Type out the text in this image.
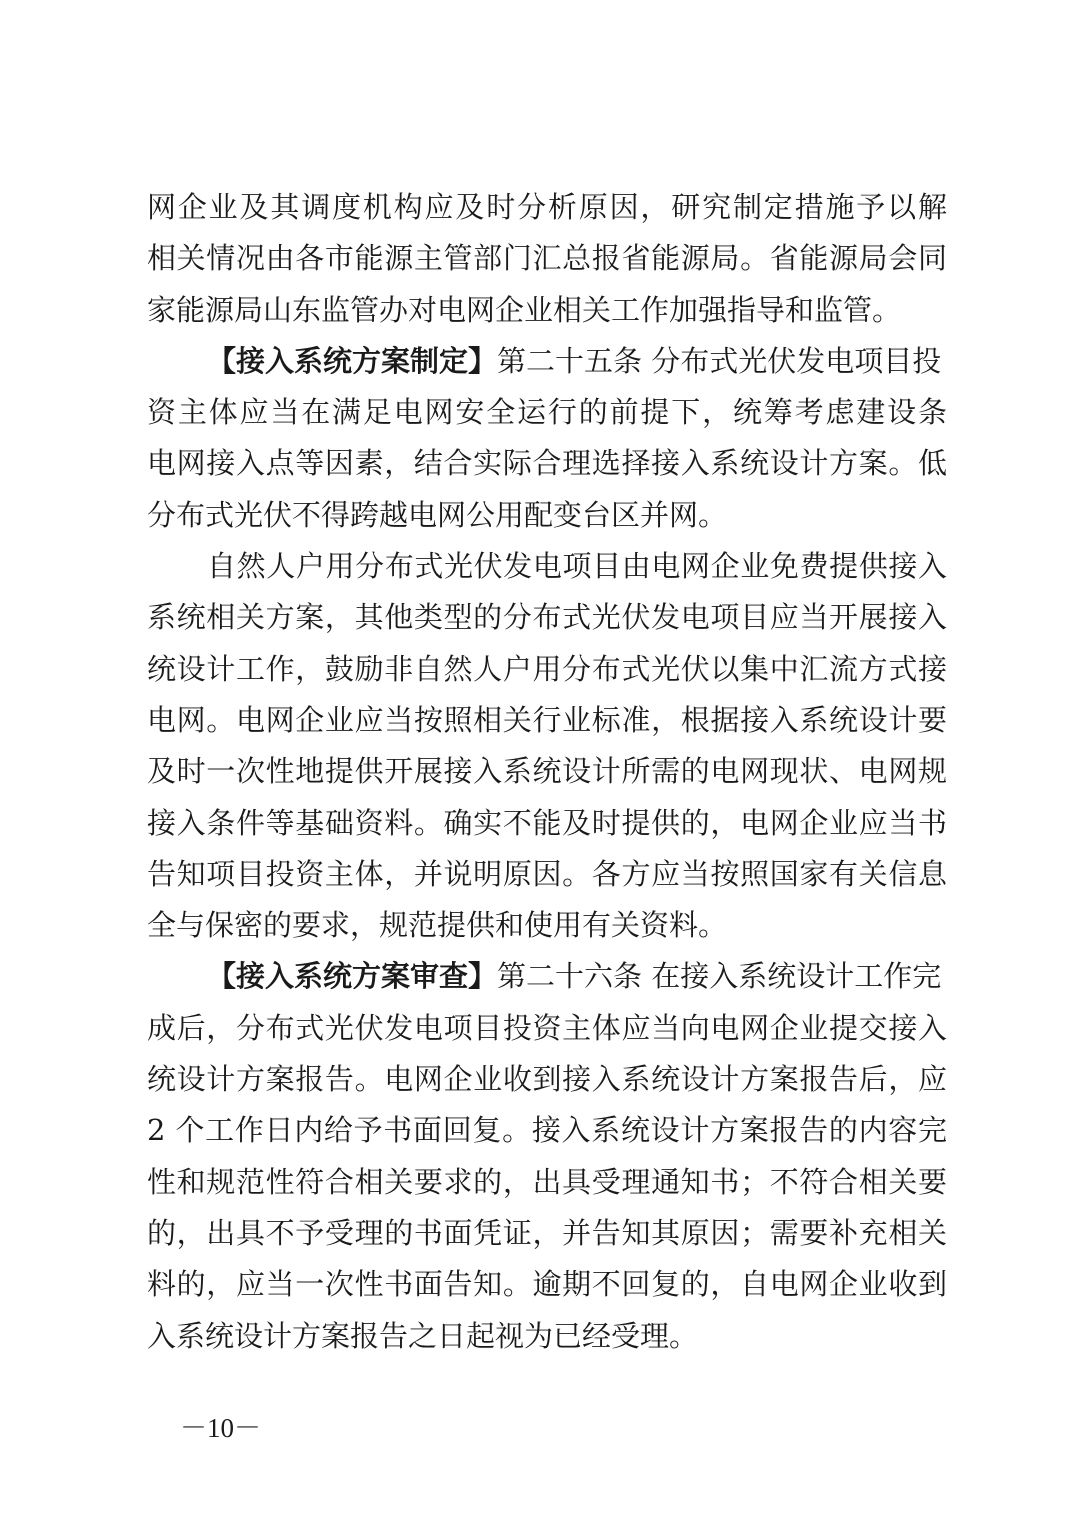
网企业及其调度机构应及时分析原因，研究制定措施予以解
相关情况由各市能源主管部门汇总报省能源局。省能源局会同
家能源局山东监管办对电网企业相关工作加强指导和监管。
【接入系统方案制定】第二十五条 分布式光伏发电项目投
资主体应当在满足电网安全运行的前提下，统筹考虑建设条
电网接入点等因素，结合实际合理选择接入系统设计方案。低
分布式光伏不得跨越电网公用配变台区并网。
自然人户用分布式光伏发电项目由电网企业免费提供接入
系统相关方案，其他类型的分布式光伏发电项目应当开展接入
统设计工作，鼓励非自然人户用分布式光伏以集中汇流方式接
电网。电网企业应当按照相关行业标准，根据接入系统设计要
及时一次性地提供开展接入系统设计所需的电网现状、电网规
接入条件等基础资料。确实不能及时提供的，电网企业应当书
告知项目投资主体，并说明原因。各方应当按照国家有关信息
全与保密的要求，规范提供和使用有关资料。
【接入系统方案审查】第二十六条 在接入系统设计工作完
成后，分布式光伏发电项目投资主体应当向电网企业提交接入
统设计方案报告。电网企业收到接入系统设计方案报告后，应
2 个工作日内给予书面回复。接入系统设计方案报告的内容完
性和规范性符合相关要求的，出具受理通知书；不符合相关要
的，出具不予受理的书面凭证，并告知其原因；需要补充相关
料的，应当一次性书面告知。逾期不回复的，自电网企业收到
入系统设计方案报告之日起视为已经受理。
－10－
